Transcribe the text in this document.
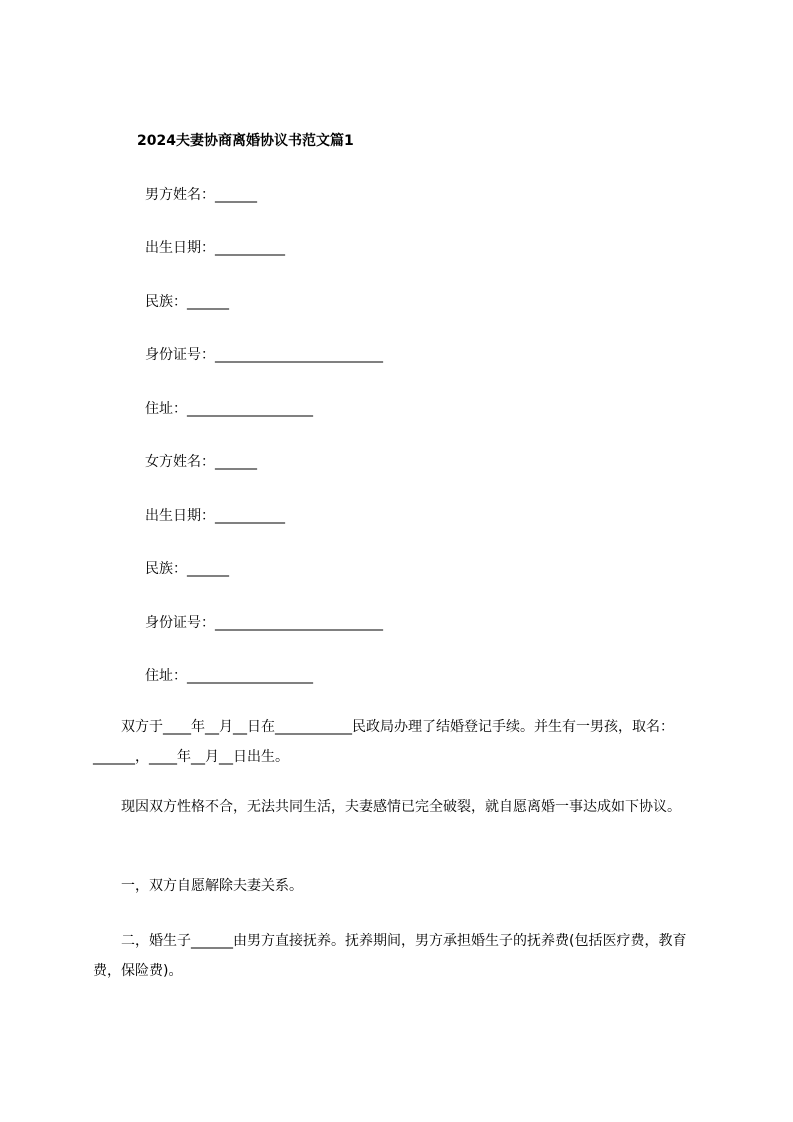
2024夫妻协商离婚协议书范文篇1
男方姓名：______
出生日期：__________
民族：______
身份证号：________________________
住址：__________________
女方姓名：______
出生日期：__________
民族：______
身份证号：________________________
住址：__________________
双方于____年__月__日在___________民政局办理了结婚登记手续。并生有一男孩，取名：______，____年__月__日出生。
现因双方性格不合，无法共同生活，夫妻感情已完全破裂，就自愿离婚一事达成如下协议。
一，双方自愿解除夫妻关系。
二，婚生子______由男方直接抚养。抚养期间，男方承担婚生子的抚养费(包括医疗费，教育费，保险费)。
